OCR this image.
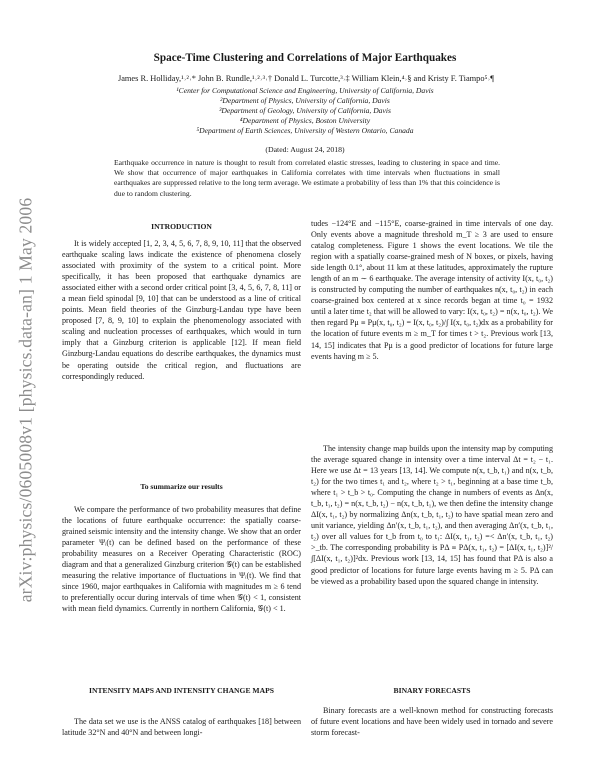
arXiv:physics/0605008v1 [physics.data-an] 1 May 2006
Space-Time Clustering and Correlations of Major Earthquakes
James R. Holliday,¹˒²˒* John B. Rundle,¹˒²˒³˒† Donald L. Turcotte,³˒‡ William Klein,⁴˒§ and Kristy F. Tiampo⁵˒¶
¹Center for Computational Science and Engineering, University of California, Davis
²Department of Physics, University of California, Davis
³Department of Geology, University of California, Davis
⁴Department of Physics, Boston University
⁵Department of Earth Sciences, University of Western Ontario, Canada
(Dated: August 24, 2018)
Earthquake occurrence in nature is thought to result from correlated elastic stresses, leading to clustering in space and time. We show that occurrence of major earthquakes in California correlates with time intervals when fluctuations in small earthquakes are suppressed relative to the long term average. We estimate a probability of less than 1% that this coincidence is due to random clustering.
INTRODUCTION
It is widely accepted [1, 2, 3, 4, 5, 6, 7, 8, 9, 10, 11] that the observed earthquake scaling laws indicate the existence of phenomena closely associated with proximity of the system to a critical point. More specifically, it has been proposed that earthquake dynamics are associated either with a second order critical point [3, 4, 5, 6, 7, 8, 11] or a mean field spinodal [9, 10] that can be understood as a line of critical points. Mean field theories of the Ginzburg-Landau type have been proposed [7, 8, 9, 10] to explain the phenomenology associated with scaling and nucleation processes of earthquakes, which would in turn imply that a Ginzburg criterion is applicable [12]. If mean field Ginzburg-Landau equations do describe earthquakes, the dynamics must be operating outside the critical region, and fluctuations are correspondingly reduced.
To summarize our results
We compare the performance of two probability measures that define the locations of future earthquake occurrence: the spatially coarse-grained seismic intensity and the intensity change. We show that an order parameter Ψᵢ(t) can be defined based on the performance of these probability measures on a Receiver Operating Characteristic (ROC) diagram and that a generalized Ginzburg criterion 𝒢(t) can be established measuring the relative importance of fluctuations in Ψᵢ(t). We find that since 1960, major earthquakes in California with magnitudes m ≥ 6 tend to preferentially occur during intervals of time when 𝒢(t) < 1, consistent with mean field dynamics. Currently in northern California, 𝒢(t) < 1.
INTENSITY MAPS AND INTENSITY CHANGE MAPS
The data set we use is the ANSS catalog of earthquakes [18] between latitude 32°N and 40°N and between longi-
tudes −124°E and −115°E, coarse-grained in time intervals of one day. Only events above a magnitude threshold m_T ≥ 3 are used to ensure catalog completeness. Figure 1 shows the event locations. We tile the region with a spatially coarse-grained mesh of N boxes, or pixels, having side length 0.1°, about 11 km at these latitudes, approximately the rupture length of an m ∼ 6 earthquake. The average intensity of activity I(x, t₀, t₂) is constructed by computing the number of earthquakes n(x, t₀, t₂) in each coarse-grained box centered at x since records began at time t₀ = 1932 until a later time t₂ that will be allowed to vary: I(x, t₀, t₂) = n(x, t₀, t₂). We then regard Pμ ≡ Pμ(x, t₀, t₂) = I(x, t₀, t₂)/∫ I(x, t₀, t₂)dx as a probability for the location of future events m ≥ m_T for times t > t₂. Previous work [13, 14, 15] indicates that Pμ is a good predictor of locations for future large events having m ≥ 5.
The intensity change map builds upon the intensity map by computing the average squared change in intensity over a time interval Δt = t₂ − t₁. Here we use Δt = 13 years [13, 14]. We compute n(x, t_b, t₁) and n(x, t_b, t₂) for the two times t₁ and t₂, where t₂ > t₁, beginning at a base time t_b, where t₁ > t_b > t₀. Computing the change in numbers of events as Δn(x, t_b, t₁, t₂) = n(x, t_b, t₂) − n(x, t_b, t₁), we then define the intensity change ΔI(x, t₁, t₂) by normalizing Δn(x, t_b, t₁, t₂) to have spatial mean zero and unit variance, yielding Δn′(x, t_b, t₁, t₂), and then averaging Δn′(x, t_b, t₁, t₂) over all values for t_b from t₀ to t₁: ΔI(x, t₁, t₂) =< Δn′(x, t_b, t₁, t₂) >_tb. The corresponding probability is PΔ ≡ PΔ(x, t₁, t₂) = [ΔI(x, t₁, t₂)]²/∫[ΔI(x, t₁, t₂)]²dx. Previous work [13, 14, 15] has found that PΔ is also a good predictor of locations for future large events having m ≥ 5. PΔ can be viewed as a probability based upon the squared change in intensity.
BINARY FORECASTS
Binary forecasts are a well-known method for constructing forecasts of future event locations and have been widely used in tornado and severe storm forecast-
